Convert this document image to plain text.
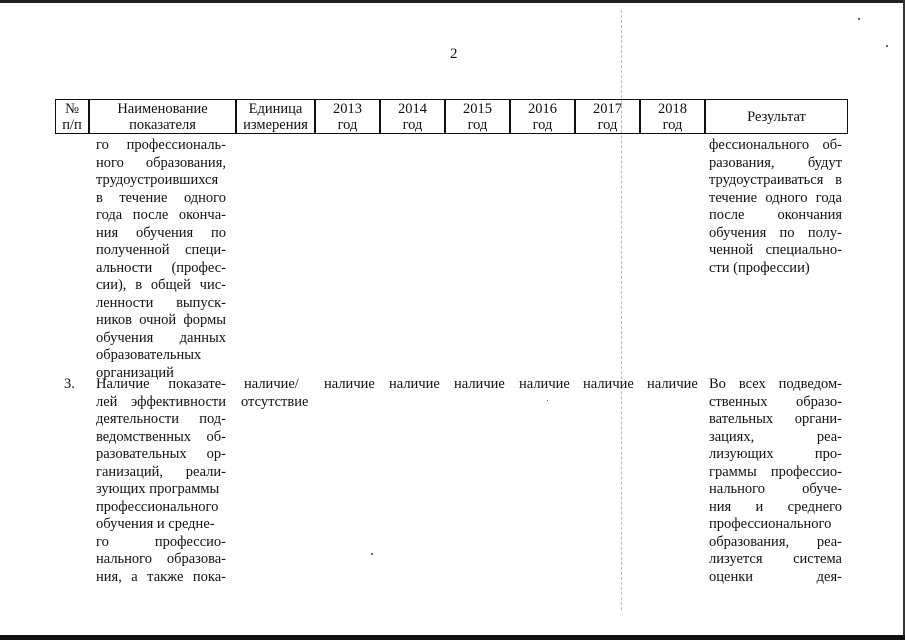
2
№
п/п
Наименование
показателя
Единица
измерения
2013
год
2014
год
2015
год
2016
год
2017
год
2018
год	Результат
го профессиональ-
ного образования,
трудоустроившихся
в течение одного
года после оконча-
ния обучения по
полученной специ-
альности (профес-
сии), в общей чис-
ленности выпуск-
ников очной формы
обучения данных
образовательных
организаций
фессионального об-
разования, будут
трудоустраиваться в
течение одного года
после окончания
обучения по полу-
ченной специально-
сти (профессии)
3. Наличие показате-
лей эффективности
деятельности под-
ведомственных об-
разовательных ор-
ганизаций, реали-
зующих программы
профессионального
обучения и средне-
го профессио-
нального образова-
ния, а также пока-
наличие/
отсутствие
наличие наличие наличие наличие наличие наличие Во всех подведом-
ственных образо-
вательных органи-
зациях, реа-
лизующих про-
граммы профессио-
нального обуче-
ния и среднего
профессионального
образования, реа-
лизуется система
оценки дея-
